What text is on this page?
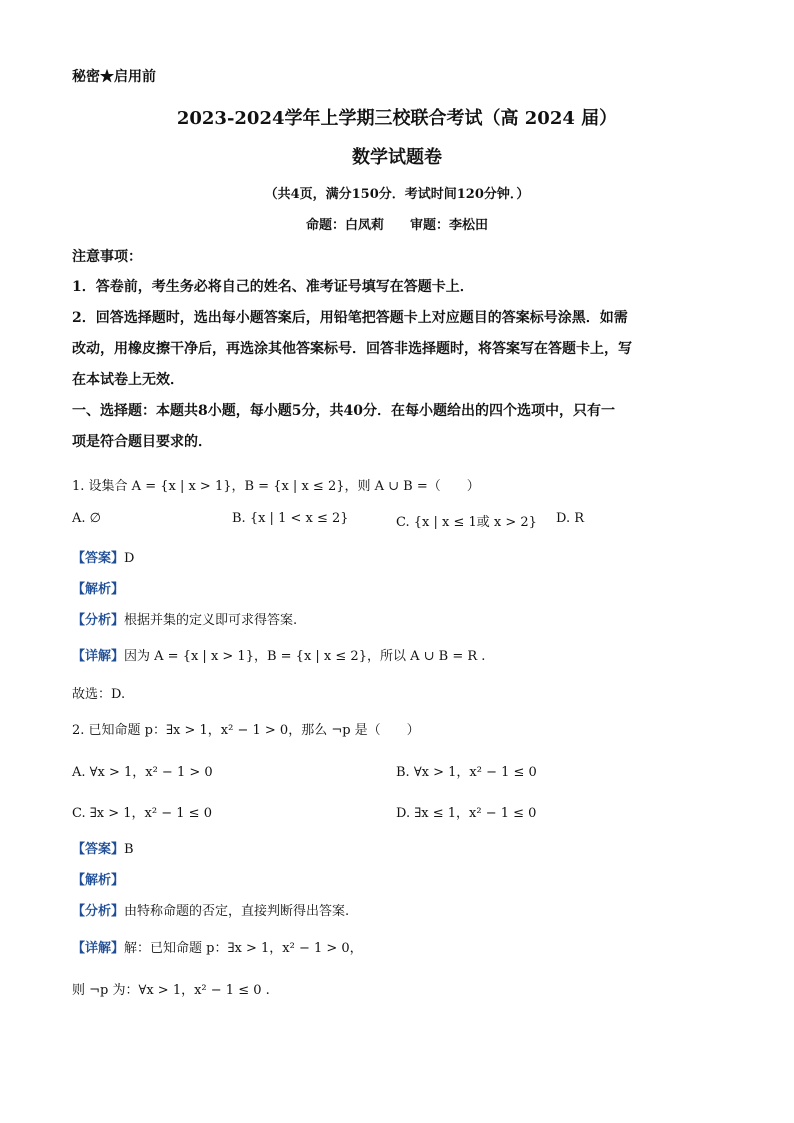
秘密★启用前
2023-2024学年上学期三校联合考试（高 2024 届）
数学试题卷
（共4页，满分150分．考试时间120分钟．）
命题：白凤莉　　审题：李松田
注意事项：
1．答卷前，考生务必将自己的姓名、准考证号填写在答题卡上．
2．回答选择题时，选出每小题答案后，用铅笔把答题卡上对应题目的答案标号涂黑．如需
改动，用橡皮擦干净后，再选涂其他答案标号．回答非选择题时，将答案写在答题卡上，写
在本试卷上无效．
一、选择题：本题共8小题，每小题5分，共40分．在每小题给出的四个选项中，只有一
项是符合题目要求的．
1. 设集合 A = {x | x > 1}，B = {x | x ≤ 2}，则 A ∪ B =（　　）
A. ∅	B. {x | 1 < x ≤ 2}	C. {x | x ≤ 1或 x > 2} D. R
【答案】D
【解析】
【分析】根据并集的定义即可求得答案.
【详解】因为 A = {x | x > 1}，B = {x | x ≤ 2}，所以 A ∪ B = R .
故选：D.
2. 已知命题 p：∃x > 1，x² − 1 > 0，那么 ¬p 是（　　）
A. ∀x > 1，x² − 1 > 0	B. ∀x > 1，x² − 1 ≤ 0
C. ∃x > 1，x² − 1 ≤ 0	D. ∃x ≤ 1，x² − 1 ≤ 0
【答案】B
【解析】
【分析】由特称命题的否定，直接判断得出答案.
【详解】解：已知命题 p：∃x > 1，x² − 1 > 0，
则 ¬p 为：∀x > 1，x² − 1 ≤ 0 .
